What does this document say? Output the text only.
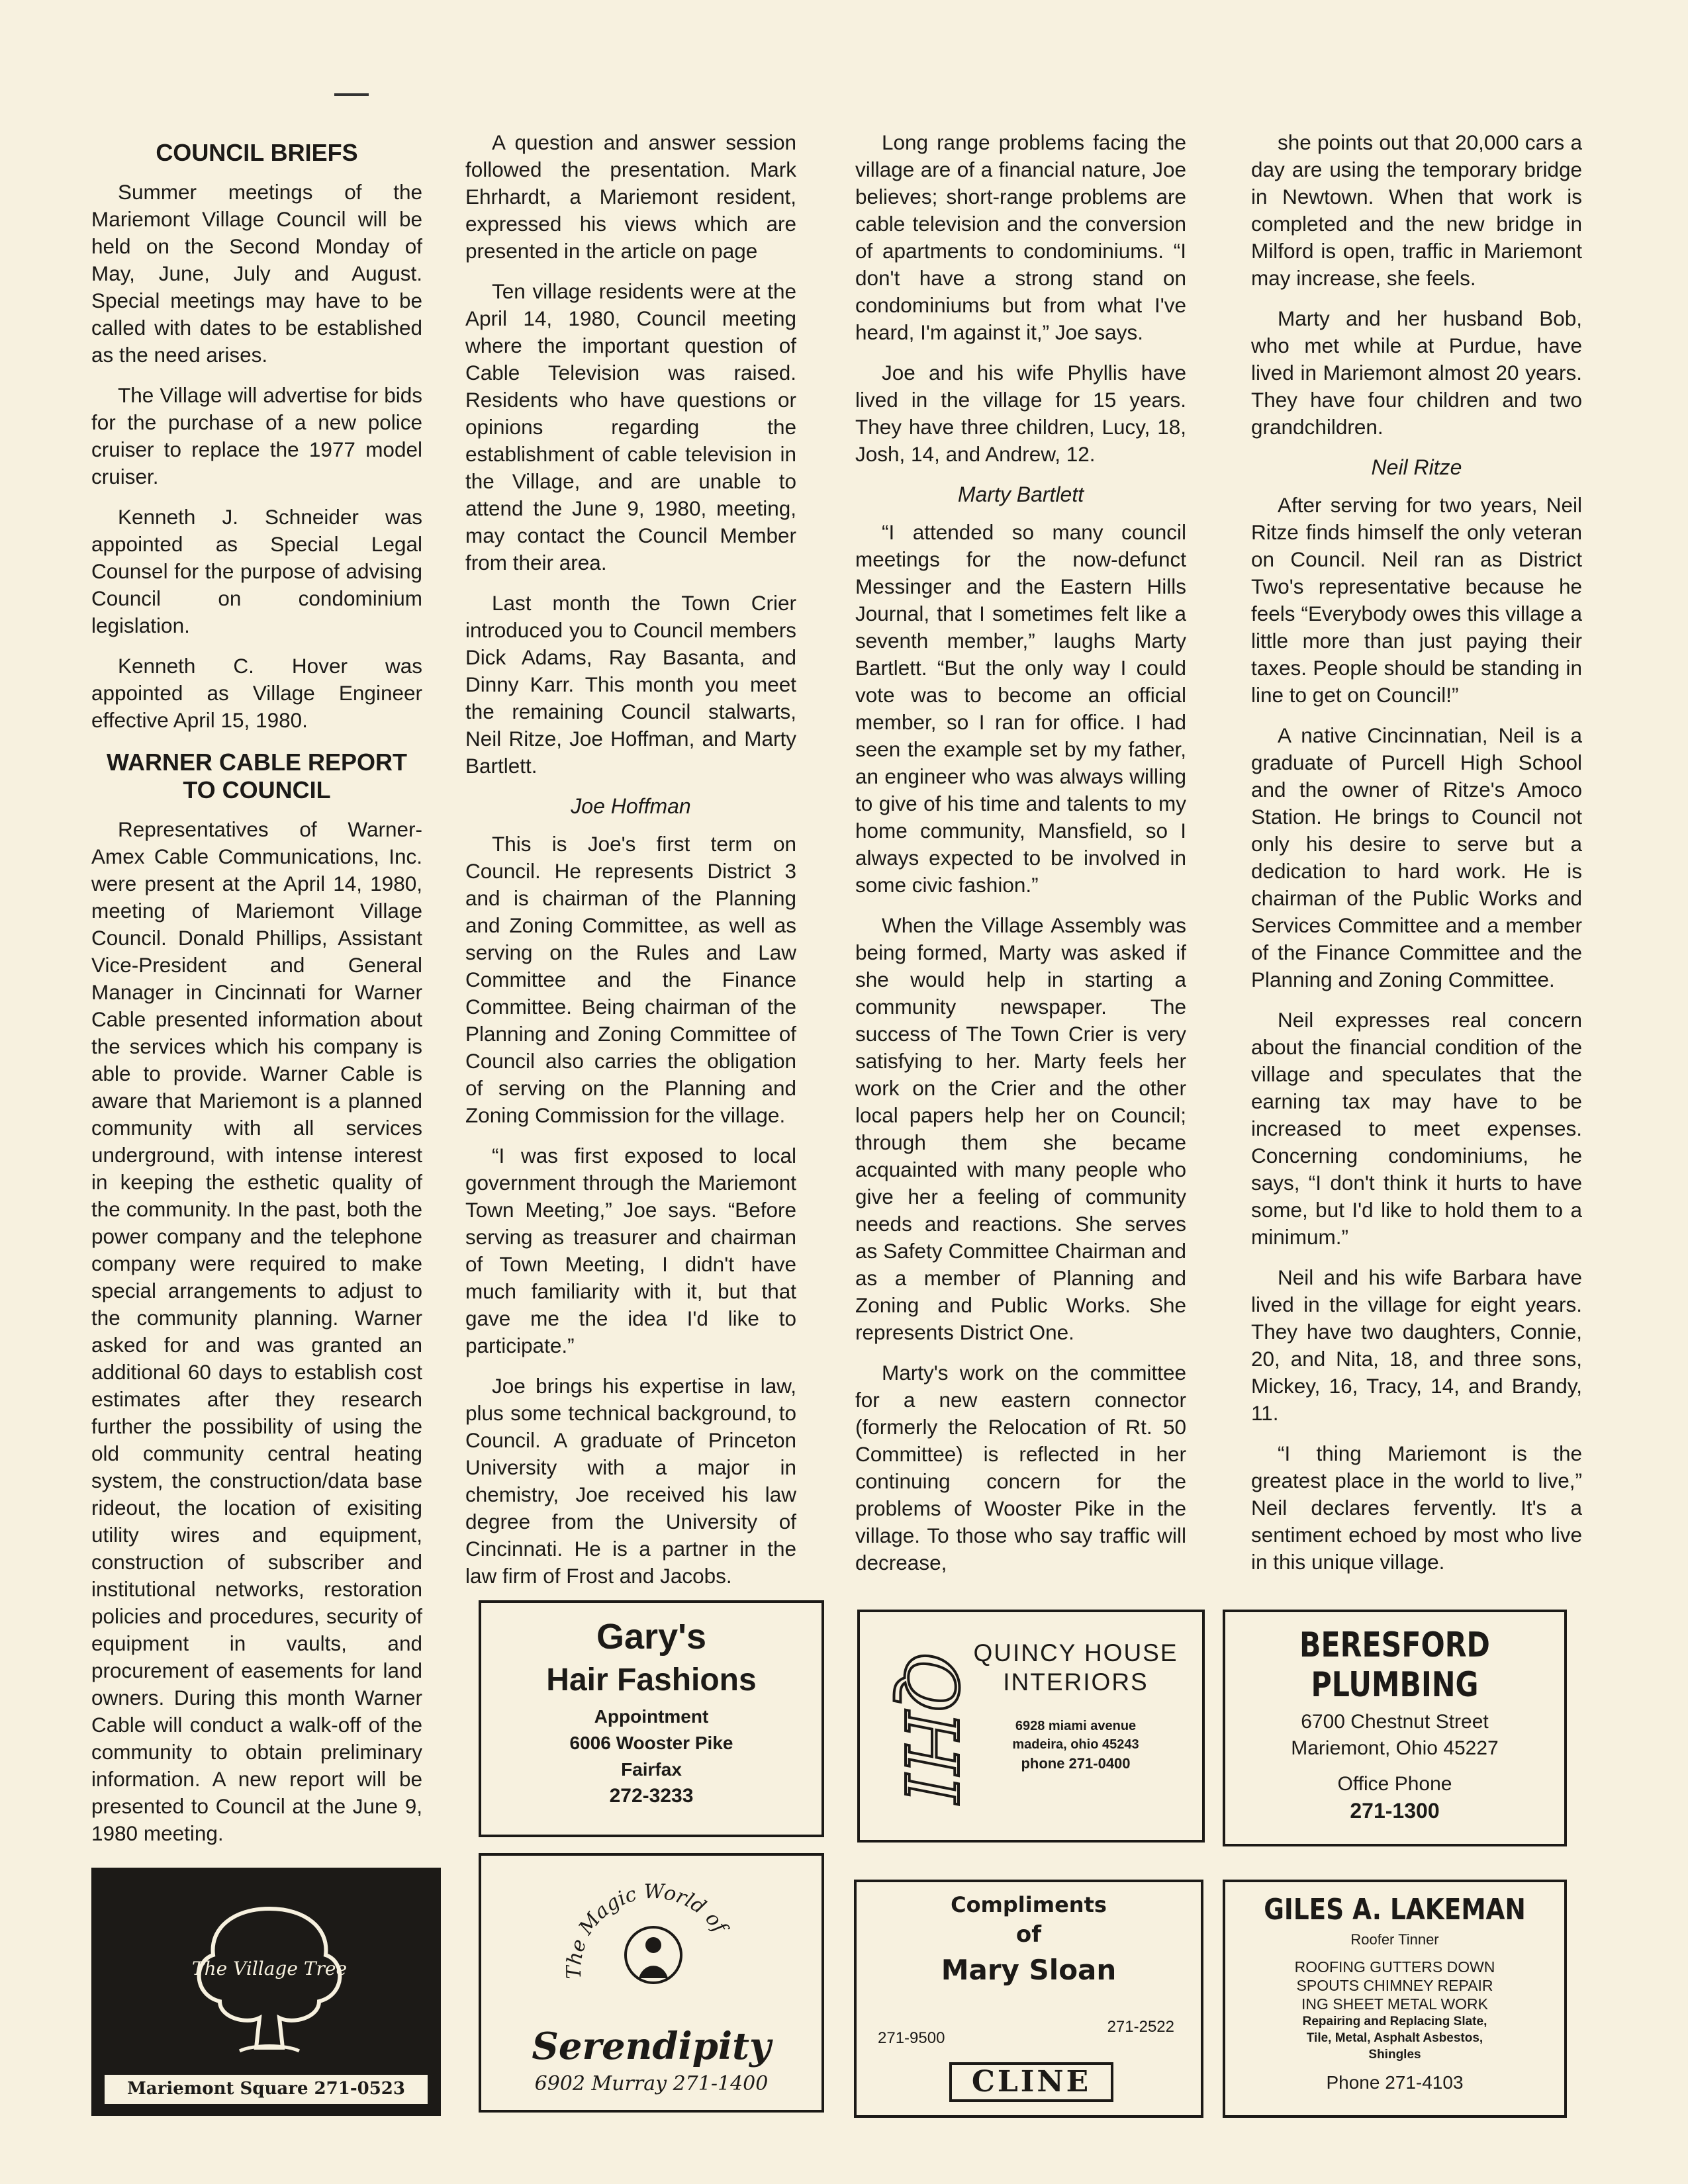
COUNCIL BRIEFS

Summer meetings of the Mariemont Village Council will be held on the Second Monday of May, June, July and August. Special meetings may have to be called with dates to be established as the need arises.

The Village will advertise for bids for the purchase of a new police cruiser to replace the 1977 model cruiser.

Kenneth J. Schneider was appointed as Special Legal Counsel for the purpose of advising Council on condominium legislation.

Kenneth C. Hover was appointed as Village Engineer effective April 15, 1980.

WARNER CABLE REPORT TO COUNCIL

Representatives of Warner-Amex Cable Communications, Inc. were present at the April 14, 1980, meeting of Mariemont Village Council. Donald Phillips, Assistant Vice-President and General Manager in Cincinnati for Warner Cable presented information about the services which his company is able to provide. Warner Cable is aware that Mariemont is a planned community with all services underground, with intense interest in keeping the esthetic quality of the community. In the past, both the power company and the telephone company were required to make special arrangements to adjust to the community planning. Warner asked for and was granted an additional 60 days to establish cost estimates after they research further the possibility of using the old community central heating system, the construction/data base rideout, the location of exisiting utility wires and equipment, construction of subscriber and institutional networks, restoration policies and procedures, security of equipment in vaults, and procurement of easements for land owners. During this month Warner Cable will conduct a walk-off of the community to obtain preliminary information. A new report will be presented to Council at the June 9, 1980 meeting.

A question and answer session followed the presentation. Mark Ehrhardt, a Mariemont resident, expressed his views which are presented in the article on page

Ten village residents were at the April 14, 1980, Council meeting where the important question of Cable Television was raised. Residents who have questions or opinions regarding the establishment of cable television in the Village, and are unable to attend the June 9, 1980, meeting, may contact the Council Member from their area.

Last month the Town Crier introduced you to Council members Dick Adams, Ray Basanta, and Dinny Karr. This month you meet the remaining Council stalwarts, Neil Ritze, Joe Hoffman, and Marty Bartlett.

Joe Hoffman

This is Joe's first term on Council. He represents District 3 and is chairman of the Planning and Zoning Committee, as well as serving on the Rules and Law Committee and the Finance Committee. Being chairman of the Planning and Zoning Committee of Council also carries the obligation of serving on the Planning and Zoning Commission for the village.

“I was first exposed to local government through the Mariemont Town Meeting,” Joe says. “Before serving as treasurer and chairman of Town Meeting, I didn't have much familiarity with it, but that gave me the idea I'd like to participate.”

Joe brings his expertise in law, plus some technical background, to Council. A graduate of Princeton University with a major in chemistry, Joe received his law degree from the University of Cincinnati. He is a partner in the law firm of Frost and Jacobs.

Long range problems facing the village are of a financial nature, Joe believes; short-range problems are cable television and the conversion of apartments to condominiums. “I don't have a strong stand on condominiums but from what I've heard, I'm against it,” Joe says.

Joe and his wife Phyllis have lived in the village for 15 years. They have three children, Lucy, 18, Josh, 14, and Andrew, 12.

Marty Bartlett

“I attended so many council meetings for the now-defunct Messinger and the Eastern Hills Journal, that I sometimes felt like a seventh member,” laughs Marty Bartlett. “But the only way I could vote was to become an official member, so I ran for office. I had seen the example set by my father, an engineer who was always willing to give of his time and talents to my home community, Mansfield, so I always expected to be involved in some civic fashion.”

When the Village Assembly was being formed, Marty was asked if she would help in starting a community newspaper. The success of The Town Crier is very satisfying to her. Marty feels her work on the Crier and the other local papers help her on Council; through them she became acquainted with many people who give her a feeling of community needs and reactions. She serves as Safety Committee Chairman and as a member of Planning and Zoning and Public Works. She represents District One.

Marty's work on the committee for a new eastern connector (formerly the Relocation of Rt. 50 Committee) is reflected in her continuing concern for the problems of Wooster Pike in the village. To those who say traffic will decrease,

she points out that 20,000 cars a day are using the temporary bridge in Newtown. When that work is completed and the new bridge in Milford is open, traffic in Mariemont may increase, she feels.

Marty and her husband Bob, who met while at Purdue, have lived in Mariemont almost 20 years. They have four children and two grandchildren.

Neil Ritze

After serving for two years, Neil Ritze finds himself the only veteran on Council. Neil ran as District Two's representative because he feels “Everybody owes this village a little more than just paying their taxes. People should be standing in line to get on Council!”

A native Cincinnatian, Neil is a graduate of Purcell High School and the owner of Ritze's Amoco Station. He brings to Council not only his desire to serve but a dedication to hard work. He is chairman of the Public Works and Services Committee and a member of the Finance Committee and the Planning and Zoning Committee.

Neil expresses real concern about the financial condition of the village and speculates that the earning tax may have to be increased to meet expenses. Concerning condominiums, he says, “I don't think it hurts to have some, but I'd like to hold them to a minimum.”

Neil and his wife Barbara have lived in the village for eight years. They have two daughters, Connie, 20, and Nita, 18, and three sons, Mickey, 16, Tracy, 14, and Brandy, 11.

“I thing Mariemont is the greatest place in the world to live,” Neil declares fervently. It's a sentiment echoed by most who live in this unique village.

Gary's
Hair Fashions
Appointment
6006 Wooster Pike
Fairfax
272-3233	QHI QUINCY HOUSE
INTERIORS
6928 miami avenue
madeira, ohio 45243
phone 271-0400
BERESFORD
PLUMBING
6700 Chestnut Street
Mariemont, Ohio 45227
Office Phone
271-1300
The Village Tree
Mariemont Square 271-0523
The Magic World of
Serendipity
6902 Murray 271-1400
Compliments
of
Mary Sloan
271-9500
271-2522
CLINE
GILES A. LAKEMAN
Roofer Tinner
ROOFING GUTTERS DOWN
SPOUTS CHIMNEY REPAIR
ING SHEET METAL WORK
Repairing and Replacing Slate,
Tile, Metal, Asphalt Asbestos,
Shingles
Phone 271-4103
